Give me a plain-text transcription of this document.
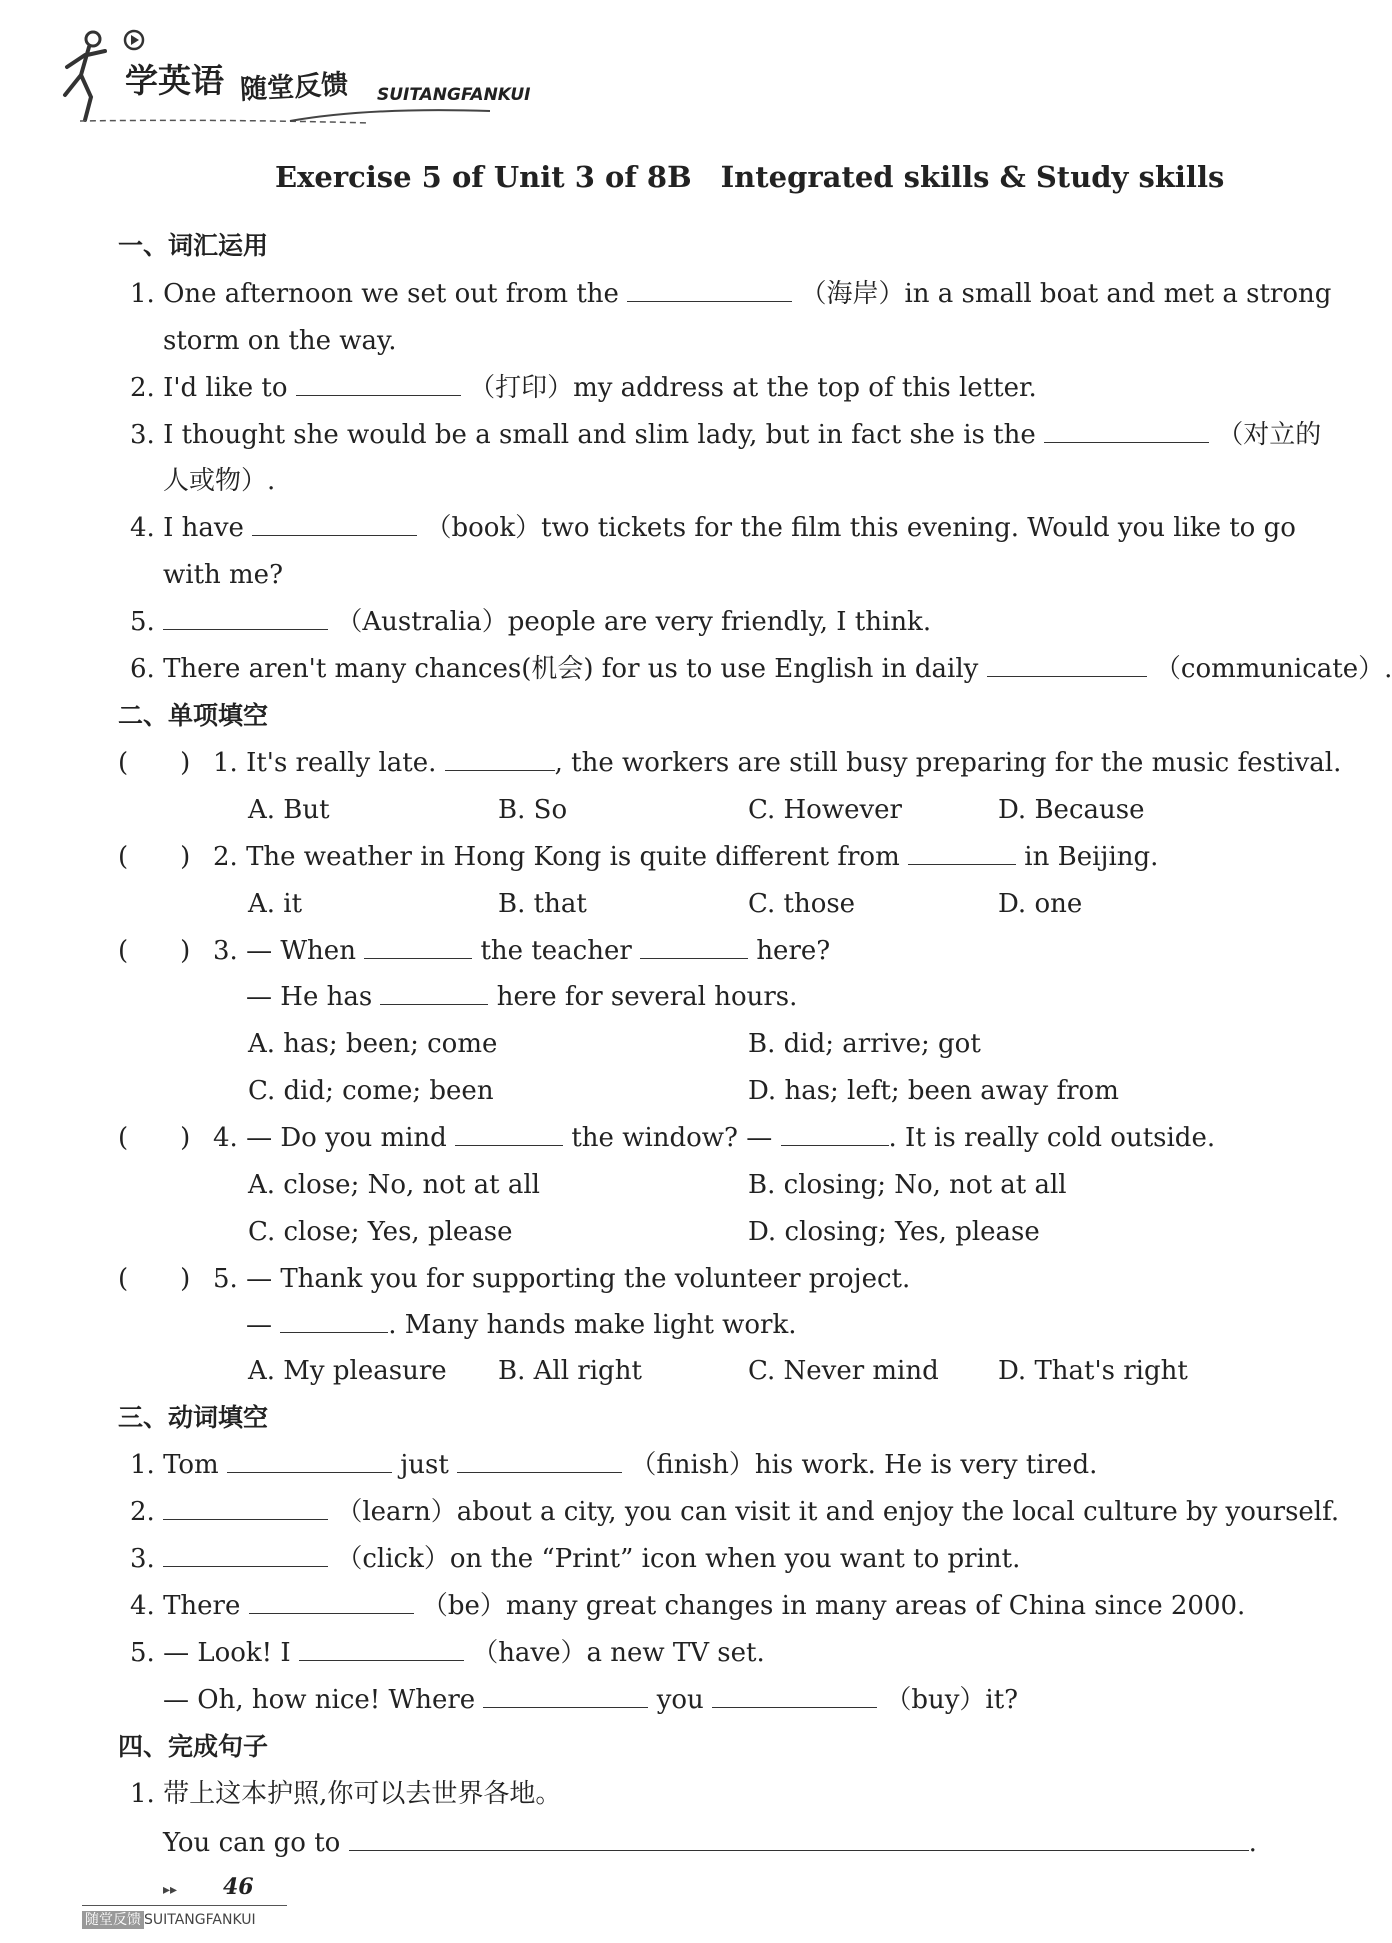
学英语 随堂反馈 SUITANGFANKUI
Exercise 5 of Unit 3 of 8B　Integrated skills & Study skills
一、词汇运用
1. One afternoon we set out from the	（海岸）in a small boat and met a strong
storm on the way.
2. I'd like to	（打印）my address at the top of this letter.
3. I thought she would be a small and slim lady, but in fact she is the	（对立的
人或物）.
4. I have	（book）two tickets for the film this evening. Would you like to go
with me?
5.	（Australia）people are very friendly, I think.
6. There aren't many chances(机会) for us to use English in daily	（communicate）.
二、单项填空
(　　) 1. It's really late.	, the workers are still busy preparing for the music festival.
A. But	B. So	C. However	D. Because
(　　) 2. The weather in Hong Kong is quite different from	in Beijing.
A. it	B. that	C. those	D. one
(　　) 3. — When	the teacher	here?
— He has	here for several hours.
A. has; been; come	B. did; arrive; got
C. did; come; been	D. has; left; been away from
(　　) 4. — Do you mind	the window? —	. It is really cold outside.
A. close; No, not at all	B. closing; No, not at all
C. close; Yes, please	D. closing; Yes, please
(　　) 5. — Thank you for supporting the volunteer project.
—	. Many hands make light work.
A. My pleasure B. All right	C. Never mind D. That's right
三、动词填空
1. Tom	just	（finish）his work. He is very tired.
2.	（learn）about a city, you can visit it and enjoy the local culture by yourself.
3.	（click）on the “Print” icon when you want to print.
4. There	（be）many great changes in many areas of China since 2000.
5. — Look! I	（have）a new TV set.
— Oh, how nice! Where	you	（buy）it?
四、完成句子
1. 带上这本护照,你可以去世界各地。
You can go to	.
▸▸ 46
随堂反馈 SUITANGFANKUI
